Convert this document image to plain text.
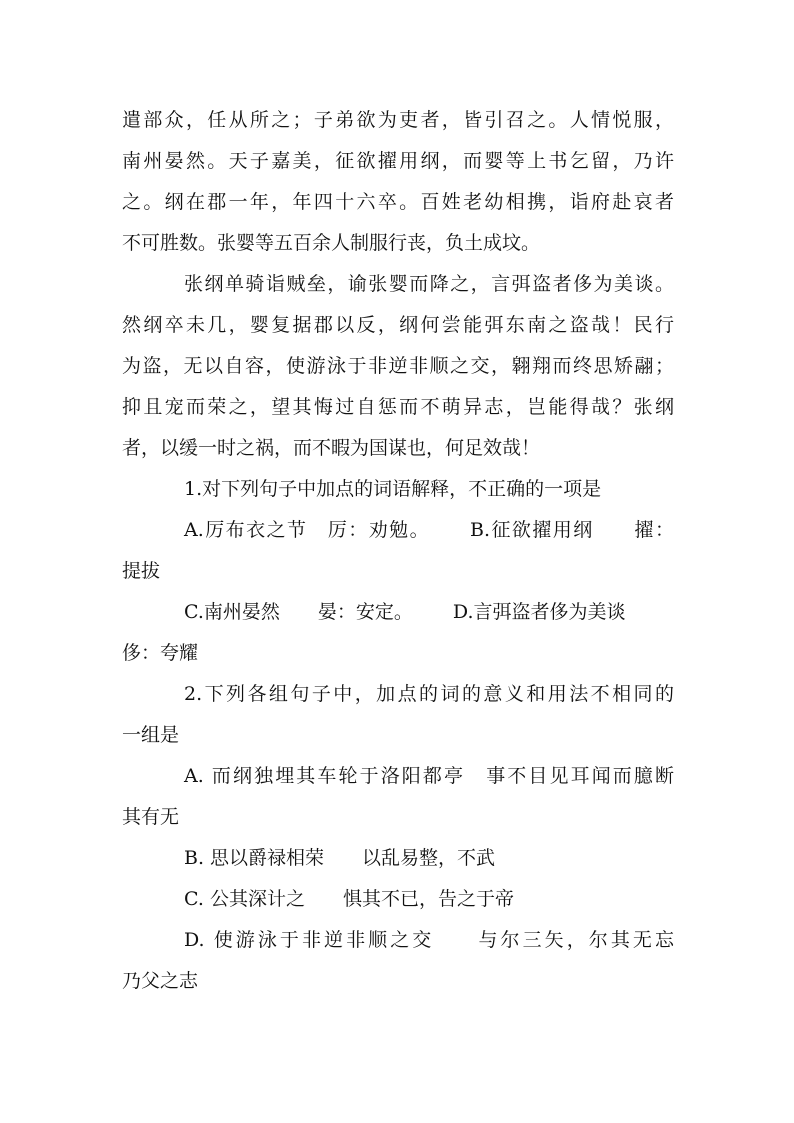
遣部众，任从所之；子弟欲为吏者，皆引召之。人情悦服，
南州晏然。天子嘉美，征欲擢用纲，而婴等上书乞留，乃许
之。纲在郡一年，年四十六卒。百姓老幼相携，诣府赴哀者
不可胜数。张婴等五百余人制服行丧，负土成坟。
张纲单骑诣贼垒，谕张婴而降之，言弭盗者侈为美谈。
然纲卒未几，婴复据郡以反，纲何尝能弭东南之盗哉！民行
为盗，无以自容，使游泳于非逆非顺之交，翱翔而终思矫翮；
抑且宠而荣之，望其悔过自惩而不萌异志，岂能得哉？张纲
者，以缓一时之祸，而不暇为国谋也，何足效哉！
1.对下列句子中加点的词语解释，不正确的一项是
A.厉布衣之节　厉：劝勉。 B.征欲擢用纲　　擢：
提拔
C.南州晏然　　晏：安定。 D.言弭盗者侈为美谈
侈：夸耀
2.下列各组句子中，加点的词的意义和用法不相同的
一组是
A. 而纲独埋其车轮于洛阳都亭　事不目见耳闻而臆断
其有无
B. 思以爵禄相荣　　以乱易整，不武
C. 公其深计之　　惧其不已，告之于帝
D. 使游泳于非逆非顺之交　　与尔三矢，尔其无忘
乃父之志
